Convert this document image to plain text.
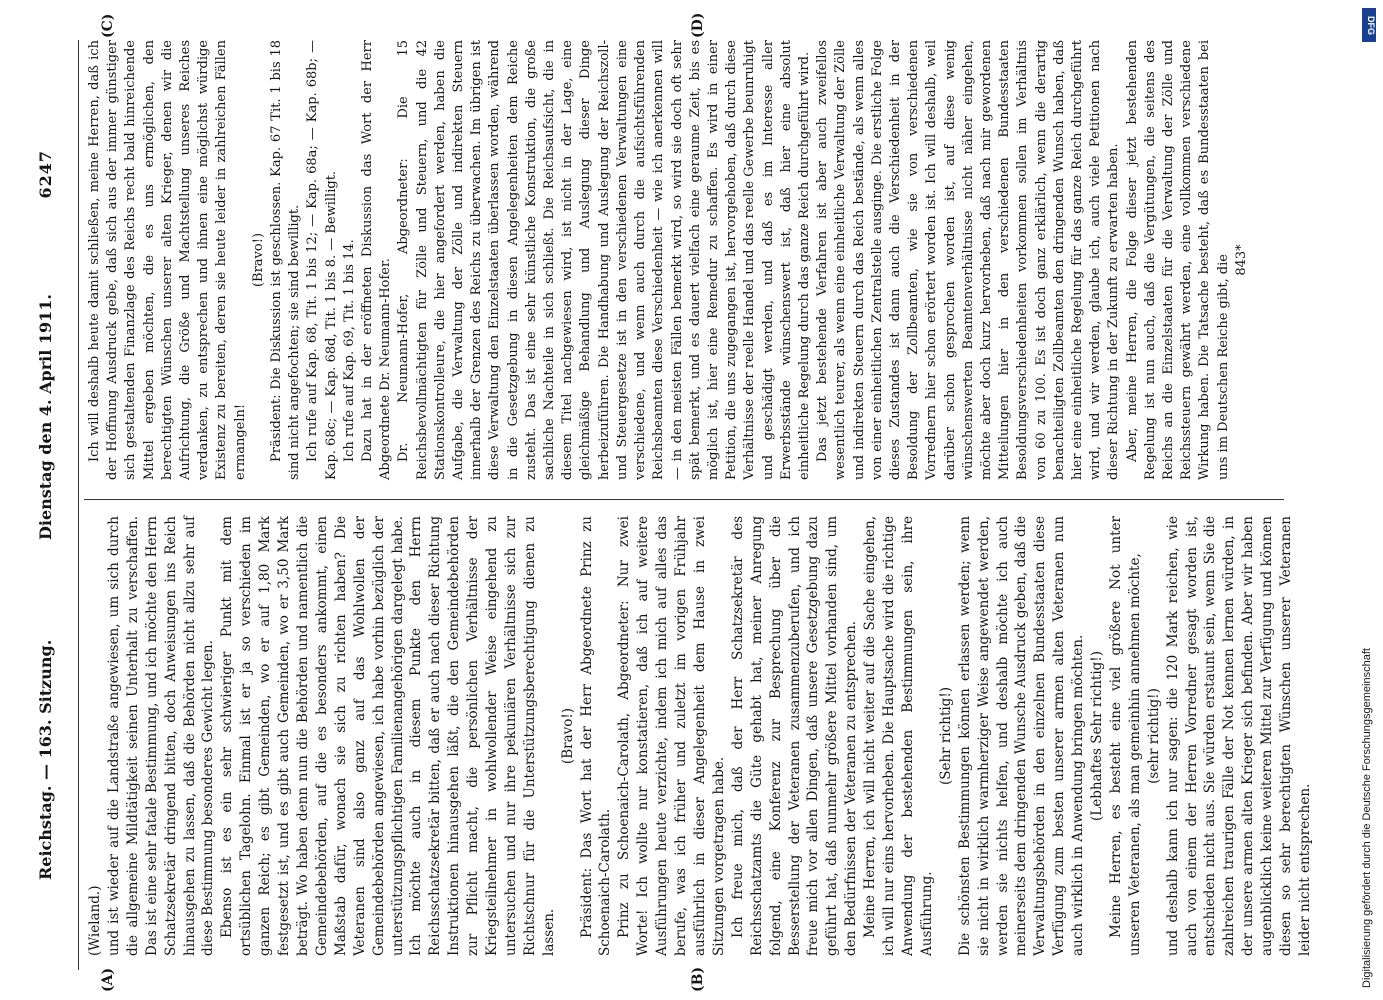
Reichstag. — 163. Sitzung.
Dienstag den 4. April 1911.
6247
(A)	(B)
(C)	(D)

(Wieland.) und ist wieder auf die Landstraße angewiesen, um sich durch die allgemeine Mildtätigkeit seinen Unterhalt zu verschaffen. Das ist eine sehr fatale Bestimmung, und ich möchte den Herrn Schatzsekretär dringend bitten, doch Anweisungen ins Reich hinausgehen zu lassen, daß die Behörden nicht allzu sehr auf diese Bestimmung besonderes Gewicht legen. Ebenso ist es ein sehr schwieriger Punkt mit dem ortsüblichen Tagelohn. Einmal ist er ja so verschieden im ganzen Reich; es gibt Gemeinden, wo er auf 1,80 Mark festgesetzt ist, und es gibt auch Gemeinden, wo er 3,50 Mark beträgt. Wo haben denn nun die Behörden und namentlich die Gemeindebehörden, auf die es besonders ankommt, einen Maßstab dafür, wonach sie sich zu richten haben? Die Veteranen sind also ganz auf das Wohlwollen der Gemeindebehörden angewiesen, ich habe vorhin bezüglich der unterstützungspflichtigen Familienangehörigen dargelegt habe. Ich möchte auch in diesem Punkte den Herrn Reichsschatzsekretär bitten, daß er auch nach dieser Richtung Instruktionen hinausgehen läßt, die den Gemeindebehörden zur Pflicht macht, die persönlichen Verhältnisse der Kriegsteilnehmer in wohlwollender Weise eingehend zu untersuchen und nur ihre pekuniären Verhältnisse sich zur Richtschnur für die Unterstützungsberechtigung dienen zu lassen.

(Bravo!) Präsident: Das Wort hat der Herr Abgeordnete Prinz zu Schoenaich-Carolath. Prinz zu Schoenaich-Carolath, Abgeordneter: Nur zwei Worte! Ich wollte nur konstatieren, daß ich auf weitere Ausführungen heute verzichte, indem ich mich auf alles das berufe, was ich früher und zuletzt im vorigen Frühjahr ausführlich in dieser Angelegenheit dem Hause in zwei Sitzungen vorgetragen habe. Ich freue mich, daß der Herr Schatzsekretär des Reichsschatzamts die Güte gehabt hat, meiner Anregung folgend, eine Konferenz zur Besprechung über die Besserstellung der Veteranen zusammenzuberufen, und ich freue mich vor allen Dingen, daß unsere Gesetzgebung dazu geführt hat, daß nunmehr größere Mittel vorhanden sind, um den Bedürfnissen der Veteranen zu entsprechen. Meine Herren, ich will nicht weiter auf die Sache eingehen, ich will nur eins hervorheben. Die Hauptsache wird die richtige Anwendung der bestehenden Bestimmungen sein, ihre Ausführung.

(Sehr richtig!) Die schönsten Bestimmungen können erlassen werden; wenn sie nicht in wirklich warmherziger Weise angewendet werden, werden sie nichts helfen, und deshalb möchte ich auch meinerseits dem dringenden Wunsche Ausdruck geben, daß die Verwaltungsbehörden in den einzelnen Bundesstaaten diese Verfügung zum besten unserer armen alten Veteranen nun auch wirklich in Anwendung bringen möchten. (Lebhaftes Sehr richtig!) Meine Herren, es besteht eine viel größere Not unter unseren Veteranen, als man gemeinhin annehmen möchte, (sehr richtig!) und deshalb kann ich nur sagen: die 120 Mark reichen, wie auch von einem der Herren Vorredner gesagt worden ist, entschieden nicht aus. Sie würden erstaunt sein, wenn Sie die zahlreichen traurigen Fälle der Not kennen lernen würden, in der unsere armen alten Krieger sich befinden. Aber wir haben augenblicklich keine weiteren Mittel zur Verfügung und können diesen so sehr berechtigten Wünschen unserer Veteranen leider nicht entsprechen.

Ich will deshalb heute damit schließen, meine Herren, daß ich der Hoffnung Ausdruck gebe, daß sich aus der immer günstiger sich gestaltenden Finanzlage des Reichs recht bald hinreichende Mittel ergeben möchten, die es uns ermöglichen, den berechtigten Wünschen unserer alten Krieger, denen wir die Aufrichtung, die Größe und Machtstellung unseres Reiches verdanken, zu entsprechen und ihnen eine möglichst würdige Existenz zu bereiten, deren sie heute leider in zahlreichen Fällen ermangeln!

(Bravo!) Präsident: Die Diskussion ist geschlossen. Kap. 67 Tit. 1 bis 18 sind nicht angefochten; sie sind bewilligt. Ich rufe auf Kap. 68, Tit. 1 bis 12; — Kap. 68a; — Kap. 68b; — Kap. 68c; — Kap. 68d, Tit. 1 bis 8. — Bewilligt. Ich rufe auf Kap. 69, Tit. 1 bis 14. Dazu hat in der eröffneten Diskussion das Wort der Herr Abgeordnete Dr. Neumann-Hofer. Dr. Neumann-Hofer, Abgeordneter: Die 15 Reichsbevollmächtigten für Zölle und Steuern, und die 42 Stationskontrolleure, die hier angefordert werden, haben die Aufgabe, die Verwaltung der Zölle und indirekten Steuern innerhalb der Grenzen des Reichs zu überwachen. Im übrigen ist diese Verwaltung den Einzelstaaten überlassen worden, während in die Gesetzgebung in diesen Angelegenheiten dem Reiche zusteht. Das ist eine sehr künstliche Konstruktion, die große sachliche Nachteile in sich schließt. Die Reichsaufsicht, die in diesem Titel nachgewiesen wird, ist nicht in der Lage, eine gleichmäßige Behandlung und Auslegung dieser Dinge herbeizuführen. Die Handhabung und Auslegung der Reichszoll- und Steuergesetze ist in den verschiedenen Verwaltungen eine verschiedene, und wenn auch durch die aufsichtsführenden Reichsbeamten diese Verschiedenheit — wie ich anerkennen will — in den meisten Fällen bemerkt wird, so wird sie doch oft sehr spät bemerkt, und es dauert vielfach eine geraume Zeit, bis es möglich ist, hier eine Remedur zu schaffen. Es wird in einer Petition, die uns zugegangen ist, hervorgehoben, daß durch diese Verhältnisse der reelle Handel und das reelle Gewerbe beunruhigt und geschädigt werden, und daß es im Interesse aller Erwerbsstände wünschenswert ist, daß hier eine absolut einheitliche Regelung durch das ganze Reich durchgeführt wird. Das jetzt bestehende Verfahren ist aber auch zweifellos wesentlich teurer, als wenn eine einheitliche Verwaltung der Zölle und indirekten Steuern durch das Reich bestände, als wenn alles von einer einheitlichen Zentralstelle ausginge. Die erstliche Folge dieses Zustandes ist dann auch die Verschiedenheit in der Besoldung der Zollbeamten, wie sie von verschiedenen Vorrednern hier schon erörtert worden ist. Ich will deshalb, weil darüber schon gesprochen worden ist, auf diese wenig wünschenswerten Beamtenverhältnisse nicht näher eingehen, möchte aber doch kurz hervorheben, daß nach mir gewordenen Mitteilungen hier in den verschiedenen Bundesstaaten Besoldungsverschiedenheiten vorkommen sollen im Verhältnis von 60 zu 100. Es ist doch ganz erklärlich, wenn die derartig benachteiligten Zollbeamten den dringenden Wunsch haben, daß hier eine einheitliche Regelung für das ganze Reich durchgeführt wird, und wir werden, glaube ich, auch viele Petitionen nach dieser Richtung in der Zukunft zu erwarten haben. Aber, meine Herren, die Folge dieser jetzt bestehenden Regelung ist nun auch, daß die Vergütungen, die seitens des Reichs an die Einzelstaaten für die Verwaltung der Zölle und Reichssteuern gewährt werden, eine vollkommen verschiedene Wirkung haben. Die Tatsache besteht, daß es Bundesstaaten bei uns im Deutschen Reiche gibt, die 843*

DFG
Digitalisierung gefördert durch die Deutsche Forschungsgemeinschaft
